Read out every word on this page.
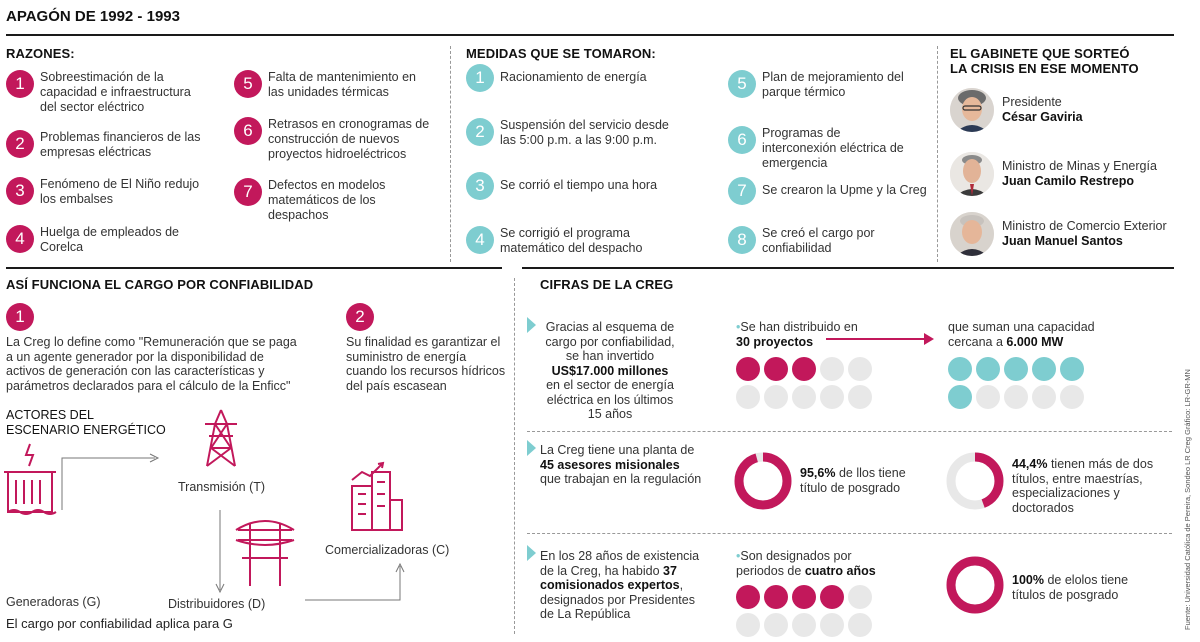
APAGÓN DE 1992 - 1993
RAZONES:
1	Sobreestimación de la capacidad e infraestructura del sector eléctrico
2	Problemas financieros de las empresas eléctricas
3	Fenómeno de El Niño redujo los embalses
4	Huelga de empleados de Corelca
5	Falta de mantenimiento en las unidades térmicas
6	Retrasos en cronogramas de construcción de nuevos proyectos hidroeléctricos
7	Defectos en modelos matemáticos de los despachos
MEDIDAS QUE SE TOMARON:
1	Racionamiento de energía
2	Suspensión del servicio desde las 5:00 p.m. a las 9:00 p.m.
3	Se corrió el tiempo una hora
4	Se corrigió el programa matemático del despacho
5	Plan de mejoramiento del parque térmico
6	Programas de interconexión eléctrica de emergencia
7	Se crearon la Upme y la Creg
8	Se creó el cargo por confiabilidad
EL GABINETE QUE SORTEÓ
LA CRISIS EN ESE MOMENTO
Presidente
César Gaviria
Ministro de Minas y Energía
Juan Camilo Restrepo
Ministro de Comercio Exterior
Juan Manuel Santos
ASÍ FUNCIONA EL CARGO POR CONFIABILIDAD
1
La Creg lo define como "Remuneración que se paga a un agente generador por la disponibilidad de activos de generación con las características y parámetros declarados para el cálculo de la Enficc"
2
Su finalidad es garantizar el suministro de energía cuando los recursos hídricos del país escasean
ACTORES DEL
ESCENARIO ENERGÉTICO
Transmisión (T)
Comercializadoras (C)
Generadoras (G)	Distribuidores (D)
El cargo por confiabilidad aplica para G
CIFRAS DE LA CREG
Gracias al esquema de cargo por confiabilidad, se han invertido
US$17.000 millones
en el sector de energía eléctrica en los últimos 15 años
•Se han distribuido en
30 proyectos
que suman una capacidad cercana a 6.000 MW
La Creg tiene una planta de
45 asesores misionales
que trabajan en la regulación	95,6% de llos tiene título de posgrado
44,4% tienen más de dos títulos, entre maestrías, especializaciones y doctorados
En los 28 años de existencia de la Creg, ha habido 37 comisionados expertos, designados por Presidentes de La República
•Son designados por periodos de cuatro años
100% de elolos tiene títulos de posgrado	Fuente: Universidad Católica de Pereira, Sondeo LR Creg Gráfico: LR-GR-MN
